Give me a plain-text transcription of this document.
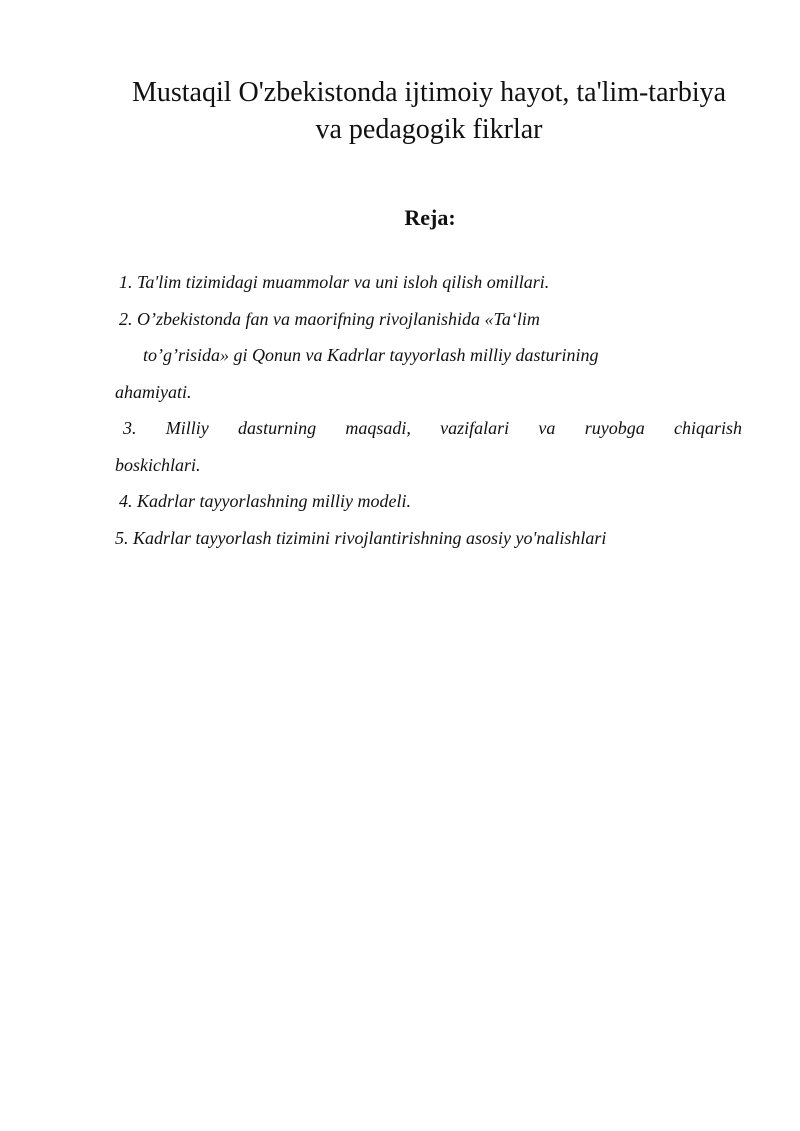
Mustaqil O'zbekistonda ijtimoiy hayot, ta'lim-tarbiya
va pedagogik fikrlar
Reja:

1. Ta'lim tizimidagi muammolar va uni isloh qilish omillari.

2. O’zbekistonda fan va maorifning rivojlanishida «Ta‘lim

to’g’risida» gi Qonun va Kadrlar tayyorlash milliy dasturining

ahamiyati.

3. Milliy dasturning maqsadi, vazifalari va ruyobga chiqarish

boskichlari.

4. Kadrlar tayyorlashning milliy modeli.

5. Kadrlar tayyorlash tizimini rivojlantirishning asosiy yo'nalishlari
